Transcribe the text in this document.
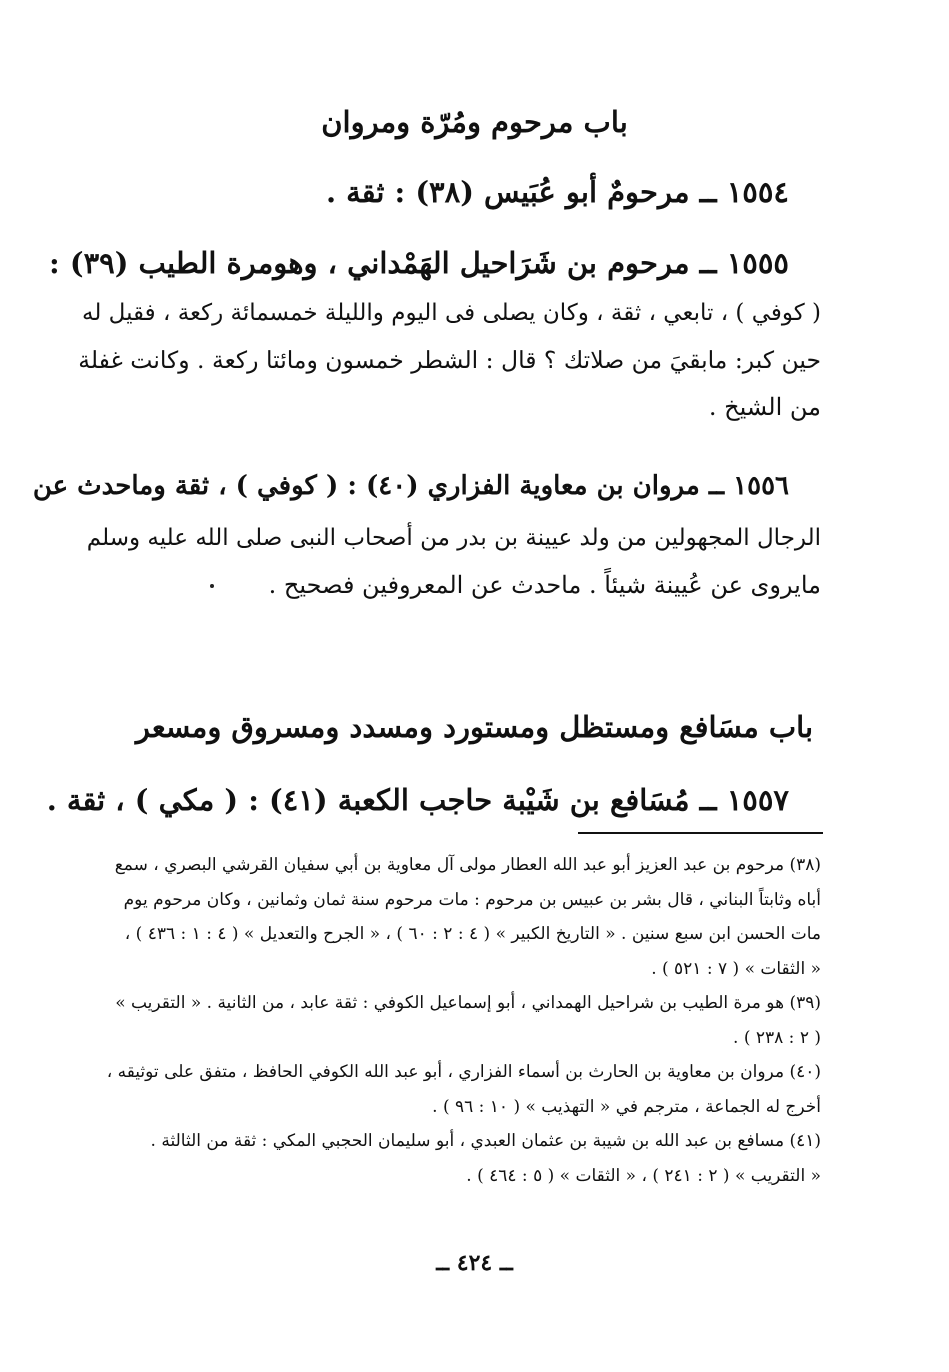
باب مرحوم ومُرّة ومروان
١٥٥٤ ــ مرحومٌ أبو عُبَيس (٣٨) : ثقة .
١٥٥٥ ــ مرحوم بن شَرَاحيل الهَمْداني ، وهومرة الطيب (٣٩) :
( كوفي ) ، تابعي ، ثقة ، وكان يصلى فى اليوم والليلة خمسمائة ركعة ، فقيل له
حين كبر: مابقيَ من صلاتك ؟ قال : الشطر خمسون ومائتا ركعة . وكانت غفلة
من الشيخ .
١٥٥٦ ــ مروان بن معاوية الفزاري (٤٠) : ( كوفي ) ، ثقة وماحدث عن
الرجال المجهولين من ولد عيينة بن بدر من أصحاب النبى صلى الله عليه وسلم
مايروى عن عُيينة شيئاً . ماحدث عن المعروفين فصحيح .
باب مسَافع ومستظل ومستورد ومسدد ومسروق ومسعر
١٥٥٧ ــ مُسَافع بن شَيْبة حاجب الكعبة (٤١) : ( مكي ) ، ثقة .
(٣٨) مرحوم بن عبد العزيز أبو عبد الله العطار مولى آل معاوية بن أبي سفيان القرشي البصري ، سمع
أباه وثابتاً البناني ، قال بشر بن عبيس بن مرحوم : مات مرحوم سنة ثمان وثمانين ، وكان مرحوم يوم
مات الحسن ابن سبع سنين . « التاريخ الكبير » ( ٤ : ٢ : ٦٠ ) ، « الجرح والتعديل » ( ٤ : ١ : ٤٣٦ ) ،
« الثقات » ( ٧ : ٥٢١ ) .
(٣٩) هو مرة الطيب بن شراحيل الهمداني ، أبو إسماعيل الكوفي : ثقة عابد ، من الثانية . « التقريب »
( ٢ : ٢٣٨ ) .
(٤٠) مروان بن معاوية بن الحارث بن أسماء الفزاري ، أبو عبد الله الكوفي الحافظ ، متفق على توثيقه ،
أخرج له الجماعة ، مترجم في « التهذيب » ( ١٠ : ٩٦ ) .
(٤١) مسافع بن عبد الله بن شيبة بن عثمان العبدي ، أبو سليمان الحجبي المكي : ثقة من الثالثة .
« التقريب » ( ٢ : ٢٤١ ) ، « الثقات » ( ٥ : ٤٦٤ ) .
ــ ٤٢٤ ــ
